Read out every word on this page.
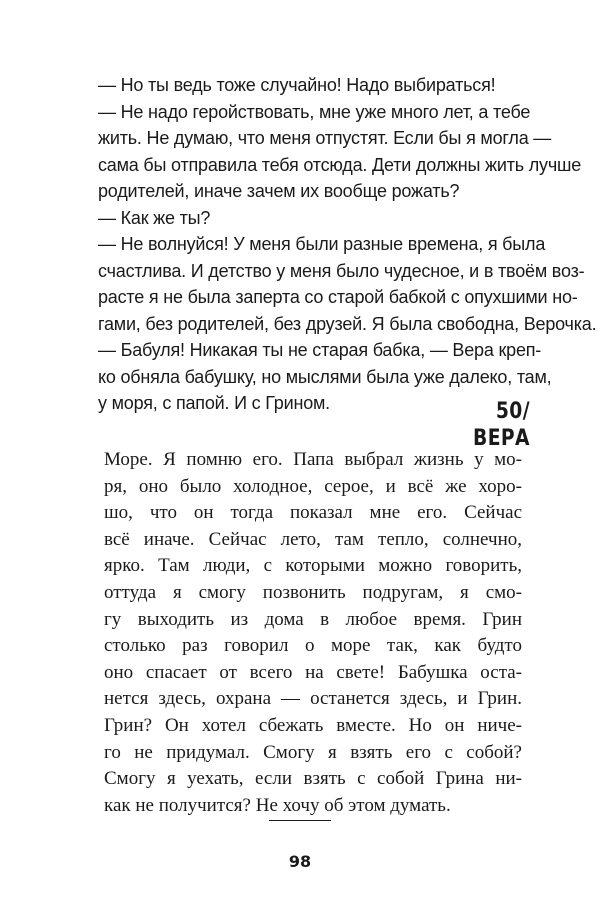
— Но ты ведь тоже случайно! Надо выбираться!

— Не надо геройствовать, мне уже много лет, а тебе
жить. Не думаю, что меня отпустят. Если бы я могла —
сама бы отправила тебя отсюда. Дети должны жить лучше
родителей, иначе зачем их вообще рожать?

— Как же ты?

— Не волнуйся! У меня были разные времена, я была
счастлива. И детство у меня было чудесное, и в твоём воз-
расте я не была заперта со старой бабкой с опухшими но-
гами, без родителей, без друзей. Я была свободна, Верочка.

— Бабуля! Никакая ты не старая бабка, — Вера креп-
ко обняла бабушку, но мыслями была уже далеко, там,
у моря, с папой. И с Грином.	50/
ВЕРА
Море. Я помню его. Папа выбрал жизнь у мо-
ря, оно было холодное, серое, и всё же хоро-
шо, что он тогда показал мне его. Сейчас
всё иначе. Сейчас лето, там тепло, солнечно,
ярко. Там люди, с которыми можно говорить,
оттуда я смогу позвонить подругам, я смо-
гу выходить из дома в любое время. Грин
столько раз говорил о море так, как будто
оно спасает от всего на свете! Бабушка оста-
нется здесь, охрана — останется здесь, и Грин.
Грин? Он хотел сбежать вместе. Но он ниче-
го не придумал. Смогу я взять его с собой?
Смогу я уехать, если взять с собой Грина ни-
как не получится? Не хочу об этом думать.
98
